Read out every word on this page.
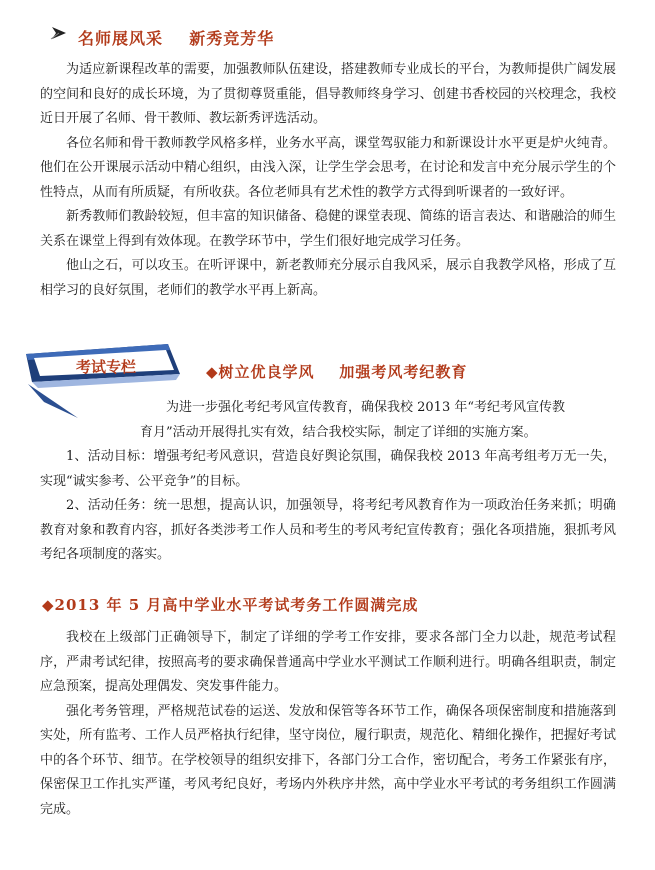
名师展风采    新秀竞芳华

为适应新课程改革的需要，加强教师队伍建设，搭建教师专业成长的平台，为教师提供广阔发展的空间和良好的成长环境，为了贯彻尊贤重能，倡导教师终身学习、创建书香校园的兴校理念，我校近日开展了名师、骨干教师、教坛新秀评选活动。

各位名师和骨干教师教学风格多样，业务水平高，课堂驾驭能力和新课设计水平更是炉火纯青。他们在公开课展示活动中精心组织，由浅入深，让学生学会思考，在讨论和发言中充分展示学生的个性特点，从而有所质疑，有所收获。各位老师具有艺术性的教学方式得到听课者的一致好评。

新秀教师们教龄较短，但丰富的知识储备、稳健的课堂表现、简练的语言表达、和谐融洽的师生关系在课堂上得到有效体现。在教学环节中，学生们很好地完成学习任务。

他山之石，可以攻玉。在听评课中，新老教师充分展示自我风采，展示自我教学风格，形成了互相学习的良好氛围，老师们的教学水平再上新高。

考试专栏	◆树立优良学风    加强考风考纪教育
为进一步强化考纪考风宣传教育，确保我校 2013 年“考纪考风宣传教
育月”活动开展得扎实有效，结合我校实际，制定了详细的实施方案。

1、活动目标：增强考纪考风意识，营造良好舆论氛围，确保我校 2013 年高考组考万无一失，实现“诚实参考、公平竞争”的目标。

2、活动任务：统一思想，提高认识，加强领导，将考纪考风教育作为一项政治任务来抓；明确教育对象和教育内容，抓好各类涉考工作人员和考生的考风考纪宣传教育；强化各项措施，狠抓考风考纪各项制度的落实。

◆2013 年 5 月高中学业水平考试考务工作圆满完成

我校在上级部门正确领导下，制定了详细的学考工作安排，要求各部门全力以赴，规范考试程序，严肃考试纪律，按照高考的要求确保普通高中学业水平测试工作顺利进行。明确各组职责，制定应急预案，提高处理偶发、突发事件能力。

强化考务管理，严格规范试卷的运送、发放和保管等各环节工作，确保各项保密制度和措施落到实处，所有监考、工作人员严格执行纪律，坚守岗位，履行职责，规范化、精细化操作，把握好考试中的各个环节、细节。在学校领导的组织安排下，各部门分工合作，密切配合，考务工作紧张有序，保密保卫工作扎实严谨，考风考纪良好，考场内外秩序井然，高中学业水平考试的考务组织工作圆满完成。
